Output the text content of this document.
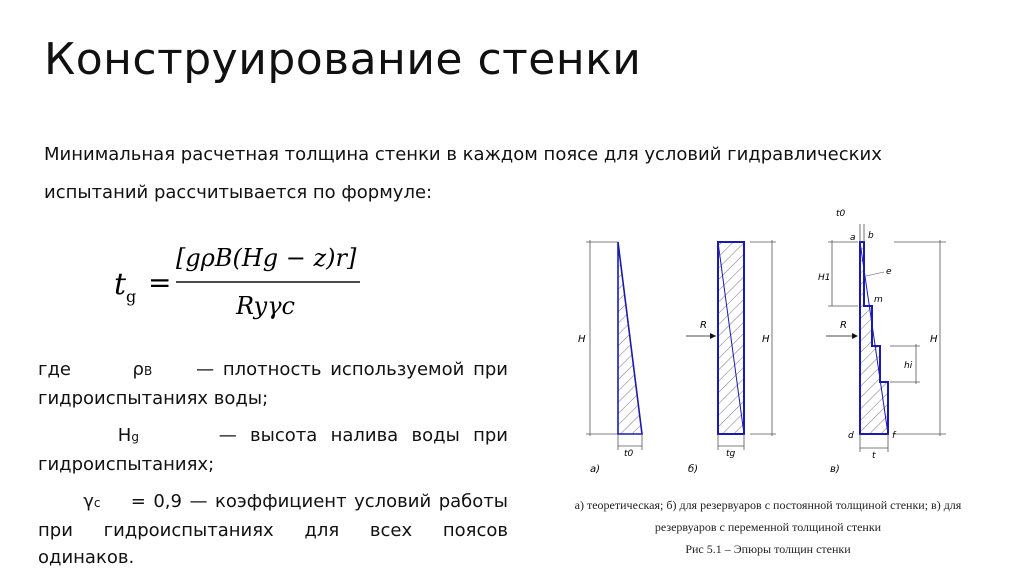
Конструирование стенки
Минимальная расчетная толщина стенки в каждом поясе для условий гидравлических испытаний рассчитывается по формуле:
t g =
[gρВ(Hg − z)r]
Ryγc

где	ρВ — плотность используемой при гидроиспытаниях воды;

Hg	— высота налива воды при гидроиспытаниях;

γс = 0,9 — коэффициент условий работы при гидроиспытаниях для всех поясов одинаков.

H
t0
а)
H
R
tg
б)
t0
a b
H1
e
m
R
hi
H
d	f
t
в)
а) теоретическая; б) для резервуаров с постоянной толщиной стенки; в) для
резервуаров с переменной толщиной стенки
Рис 5.1 – Эпюры толщин стенки
